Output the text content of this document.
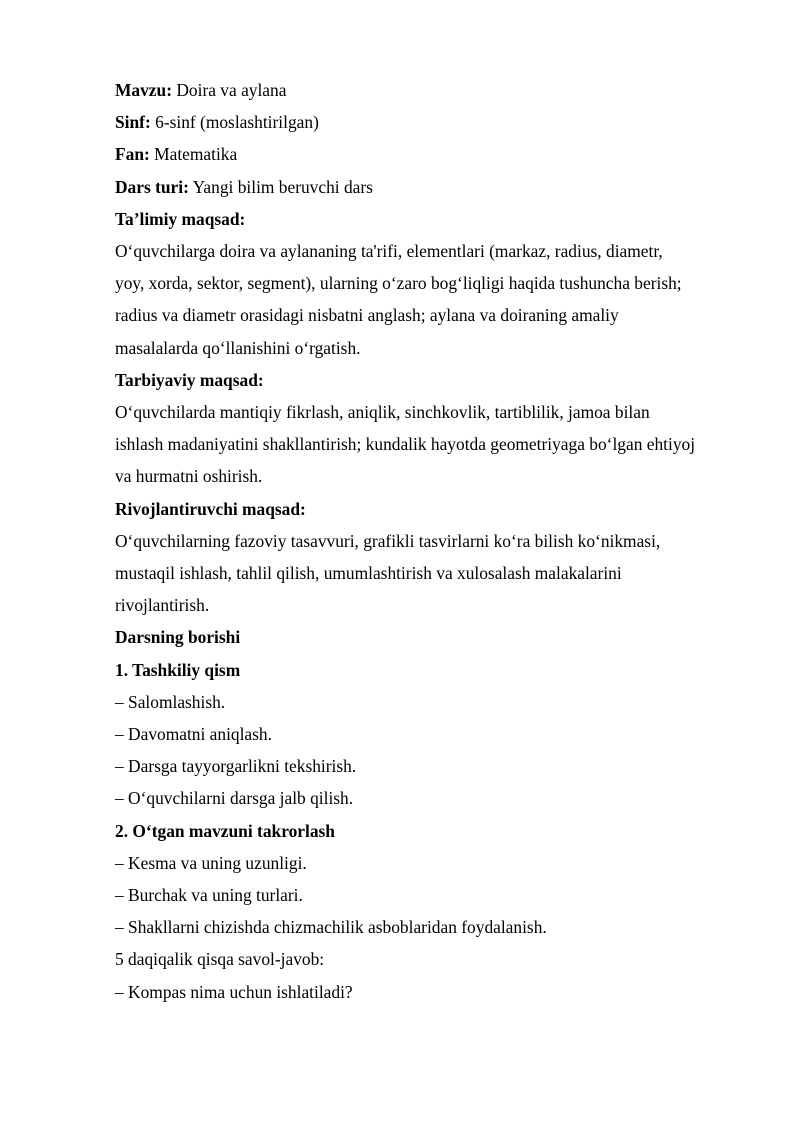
Mavzu: Doira va aylana
Sinf: 6-sinf (moslashtirilgan)
Fan: Matematika
Dars turi: Yangi bilim beruvchi dars
Ta’limiy maqsad:
O‘quvchilarga doira va aylananing ta'rifi, elementlari (markaz, radius, diametr,
yoy, xorda, sektor, segment), ularning o‘zaro bog‘liqligi haqida tushuncha berish;
radius va diametr orasidagi nisbatni anglash; aylana va doiraning amaliy
masalalarda qo‘llanishini o‘rgatish.
Tarbiyaviy maqsad:
O‘quvchilarda mantiqiy fikrlash, aniqlik, sinchkovlik, tartiblilik, jamoa bilan
ishlash madaniyatini shakllantirish; kundalik hayotda geometriyaga bo‘lgan ehtiyoj
va hurmatni oshirish.
Rivojlantiruvchi maqsad:
O‘quvchilarning fazoviy tasavvuri, grafikli tasvirlarni ko‘ra bilish ko‘nikmasi,
mustaqil ishlash, tahlil qilish, umumlashtirish va xulosalash malakalarini
rivojlantirish.
Darsning borishi
1. Tashkiliy qism
– Salomlashish.
– Davomatni aniqlash.
– Darsga tayyorgarlikni tekshirish.
– O‘quvchilarni darsga jalb qilish.
2. O‘tgan mavzuni takrorlash
– Kesma va uning uzunligi.
– Burchak va uning turlari.
– Shakllarni chizishda chizmachilik asboblaridan foydalanish.
5 daqiqalik qisqa savol-javob:
– Kompas nima uchun ishlatiladi?
